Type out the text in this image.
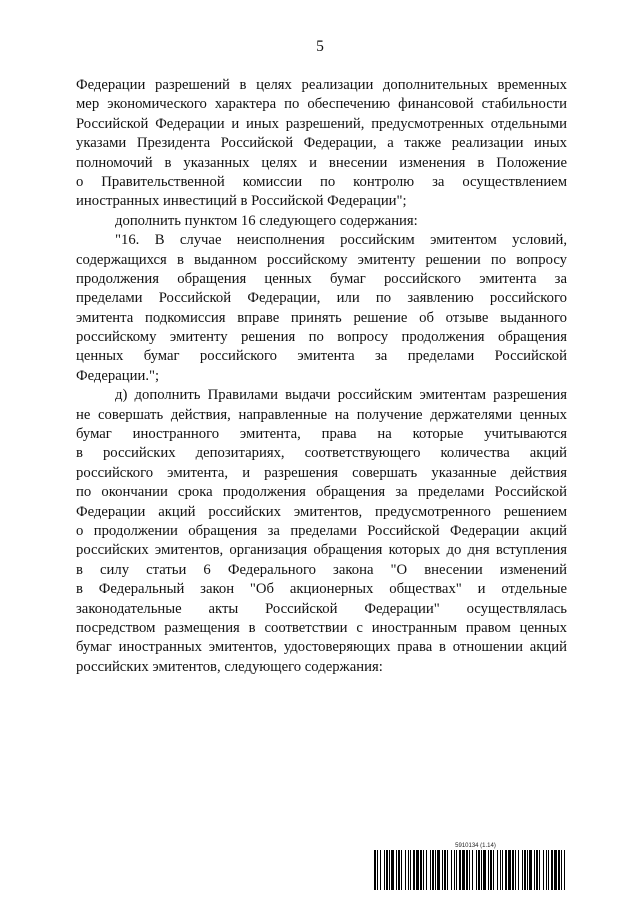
5
Федерации разрешений в целях реализации дополнительных временных
мер экономического характера по обеспечению финансовой стабильности
Российской Федерации и иных разрешений, предусмотренных отдельными
указами Президента Российской Федерации, а также реализации иных
полномочий в указанных целях и внесении изменения в Положение
о Правительственной комиссии по контролю за осуществлением
иностранных инвестиций в Российской Федерации";
дополнить пунктом 16 следующего содержания:
"16. В случае неисполнения российским эмитентом условий,
содержащихся в выданном российскому эмитенту решении по вопросу
продолжения обращения ценных бумаг российского эмитента за
пределами Российской Федерации, или по заявлению российского
эмитента подкомиссия вправе принять решение об отзыве выданного
российскому эмитенту решения по вопросу продолжения обращения
ценных бумаг российского эмитента за пределами Российской
Федерации.";
д) дополнить Правилами выдачи российским эмитентам разрешения
не совершать действия, направленные на получение держателями ценных
бумаг иностранного эмитента, права на которые учитываются
в российских депозитариях, соответствующего количества акций
российского эмитента, и разрешения совершать указанные действия
по окончании срока продолжения обращения за пределами Российской
Федерации акций российских эмитентов, предусмотренного решением
о продолжении обращения за пределами Российской Федерации акций
российских эмитентов, организация обращения которых до дня вступления
в силу статьи 6 Федерального закона "О внесении изменений
в Федеральный закон "Об акционерных обществах" и отдельные
законодательные акты Российской Федерации" осуществлялась
посредством размещения в соответствии с иностранным правом ценных
бумаг иностранных эмитентов, удостоверяющих права в отношении акций
российских эмитентов, следующего содержания:
5910134 (1.14)
